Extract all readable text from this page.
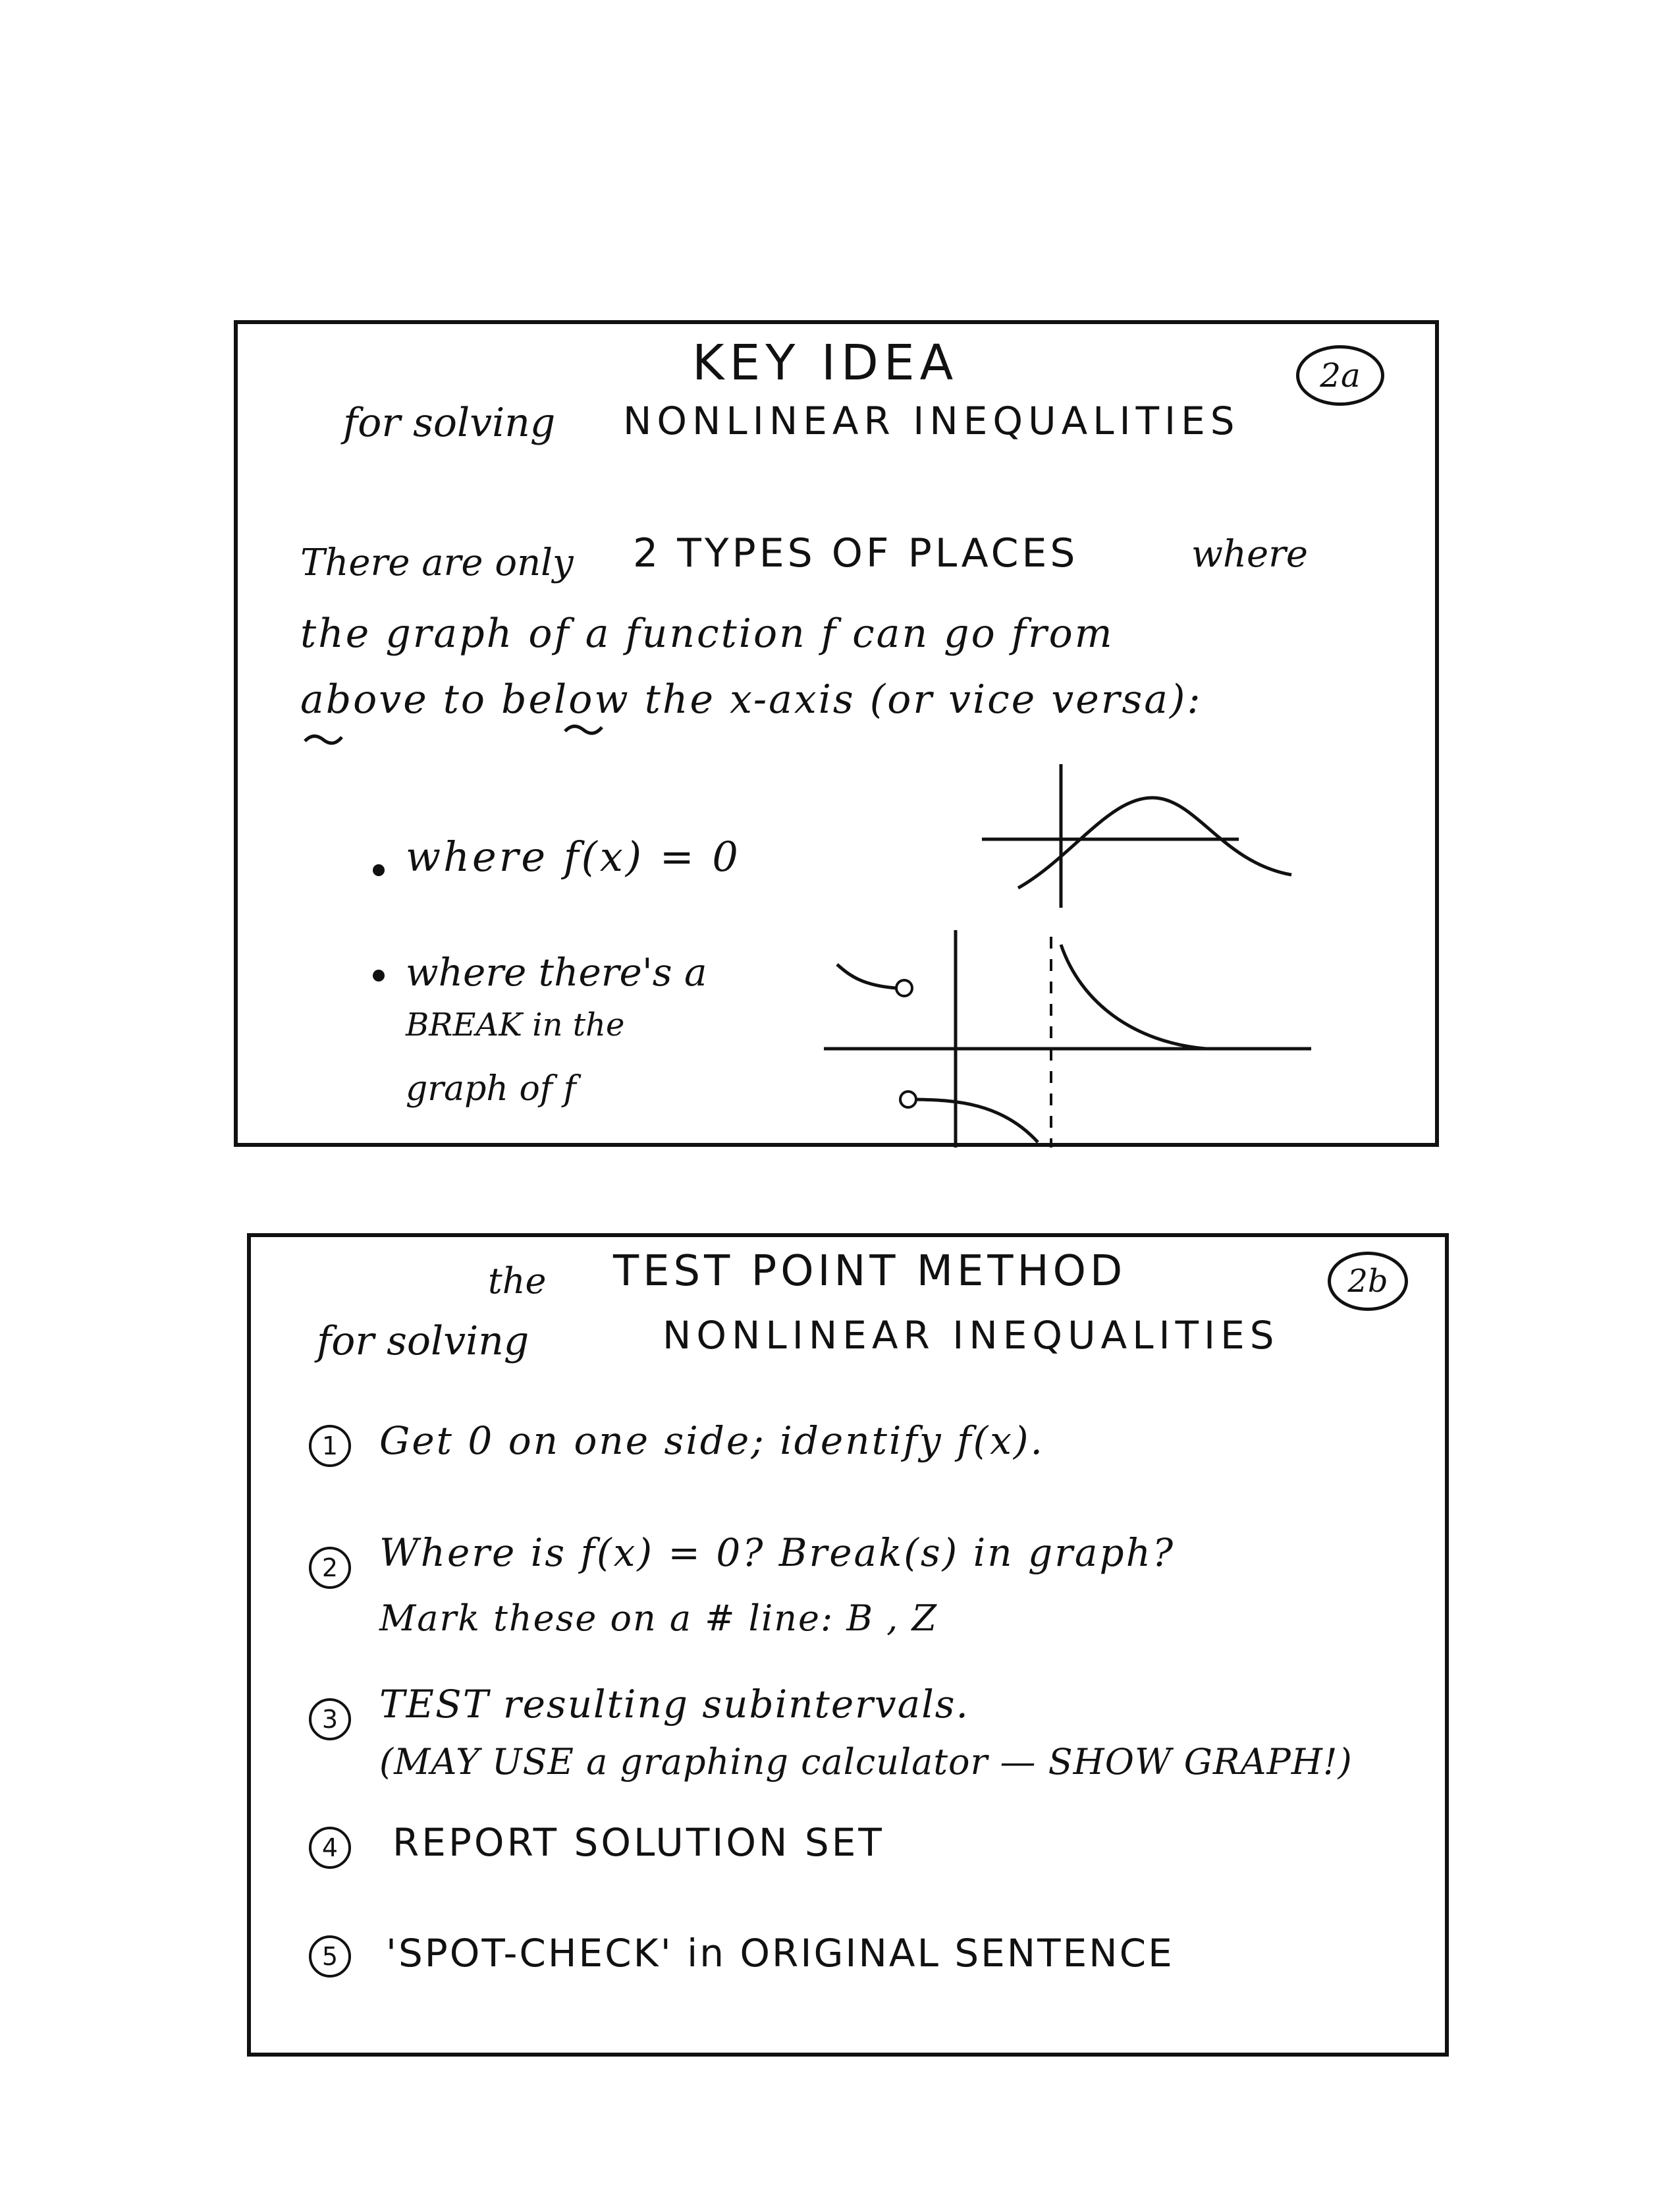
2a
KEY IDEA
for solving NONLINEAR INEQUALITIES
There are only 2 TYPES OF PLACES	where
the graph of a function f can go from
above to below the x-axis (or vice versa):
where f(x) = 0
where there's a
BREAK in the
graph of f
2b
the TEST POINT METHOD
for solving	NONLINEAR INEQUALITIES
1 Get 0 on one side; identify f(x).
2 Where is f(x) = 0? Break(s) in graph?
Mark these on a # line: B , Z
3 TEST resulting subintervals.
(MAY USE a graphing calculator — SHOW GRAPH!)
4 REPORT SOLUTION SET
5 'SPOT-CHECK' in ORIGINAL SENTENCE
